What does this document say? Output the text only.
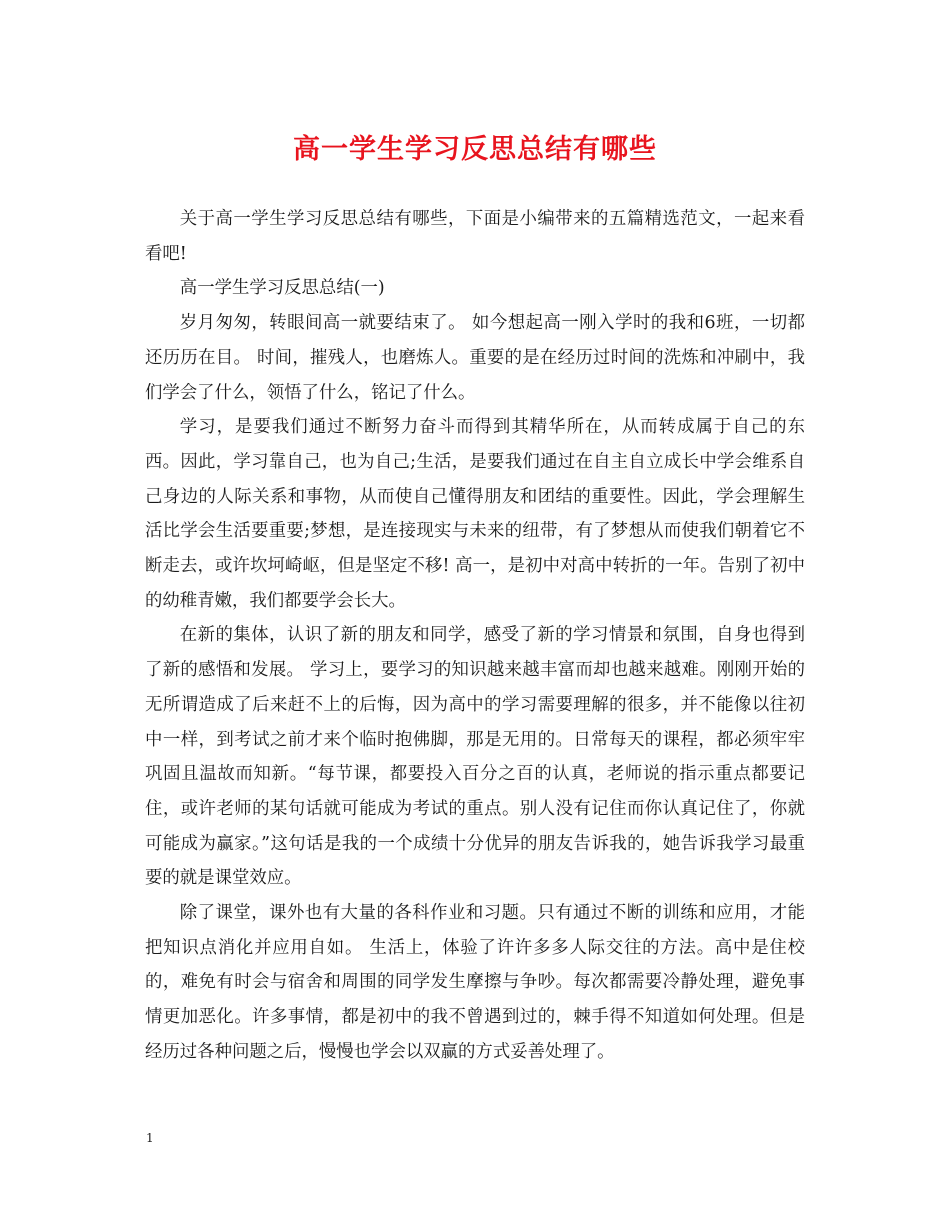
高一学生学习反思总结有哪些

关于高一学生学习反思总结有哪些，下面是小编带来的五篇精选范文，一起来看看吧!

高一学生学习反思总结(一)

岁月匆匆，转眼间高一就要结束了。 如今想起高一刚入学时的我和6班，一切都还历历在目。 时间，摧残人，也磨炼人。重要的是在经历过时间的洗炼和冲刷中，我们学会了什么，领悟了什么，铭记了什么。

学习，是要我们通过不断努力奋斗而得到其精华所在，从而转成属于自己的东西。因此，学习靠自己，也为自己;生活，是要我们通过在自主自立成长中学会维系自己身边的人际关系和事物，从而使自己懂得朋友和团结的重要性。因此，学会理解生活比学会生活要重要;梦想，是连接现实与未来的纽带，有了梦想从而使我们朝着它不断走去，或许坎坷崎岖，但是坚定不移! 高一，是初中对高中转折的一年。告别了初中的幼稚青嫩，我们都要学会长大。

在新的集体，认识了新的朋友和同学，感受了新的学习情景和氛围，自身也得到了新的感悟和发展。 学习上，要学习的知识越来越丰富而却也越来越难。刚刚开始的无所谓造成了后来赶不上的后悔，因为高中的学习需要理解的很多，并不能像以往初中一样，到考试之前才来个临时抱佛脚，那是无用的。日常每天的课程，都必须牢牢巩固且温故而知新。“每节课，都要投入百分之百的认真，老师说的指示重点都要记住，或许老师的某句话就可能成为考试的重点。别人没有记住而你认真记住了，你就可能成为赢家。”这句话是我的一个成绩十分优异的朋友告诉我的，她告诉我学习最重要的就是课堂效应。

除了课堂，课外也有大量的各科作业和习题。只有通过不断的训练和应用，才能把知识点消化并应用自如。 生活上，体验了许许多多人际交往的方法。高中是住校的，难免有时会与宿舍和周围的同学发生摩擦与争吵。每次都需要冷静处理，避免事情更加恶化。许多事情，都是初中的我不曾遇到过的，棘手得不知道如何处理。但是经历过各种问题之后，慢慢也学会以双赢的方式妥善处理了。

1
